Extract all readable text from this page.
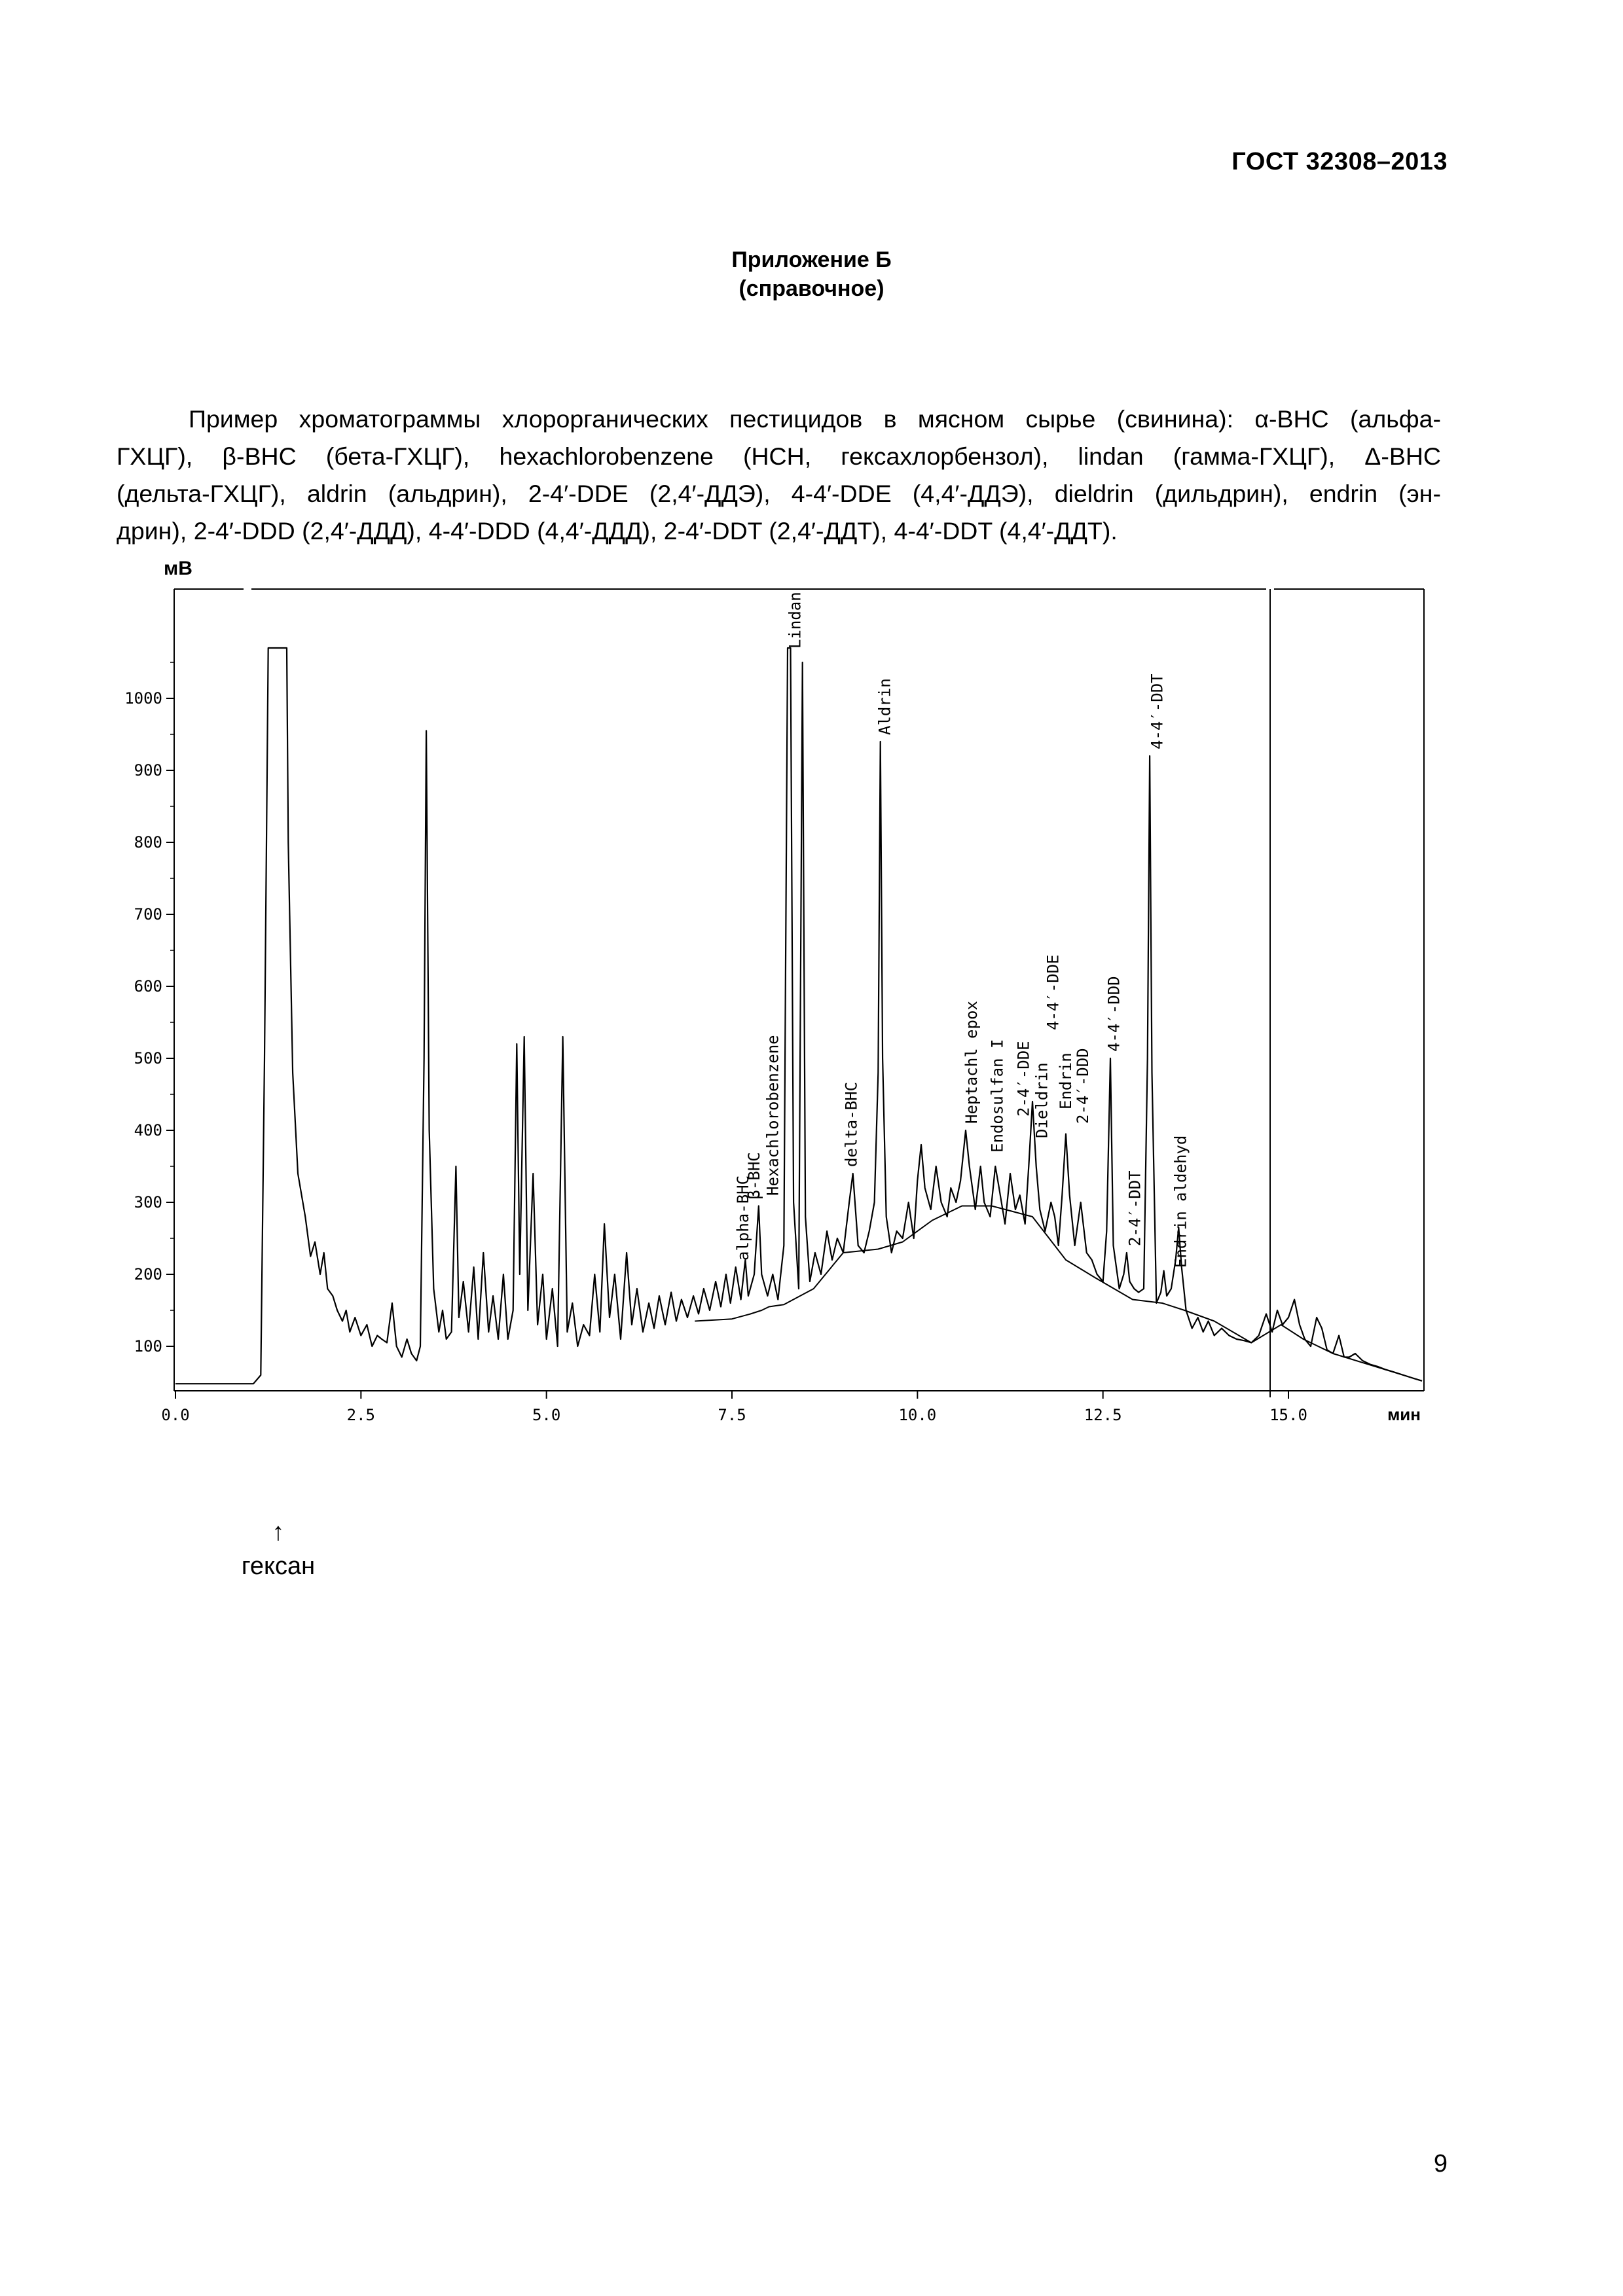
ГОСТ 32308–2013
Приложение Б
(справочное)
Пример хроматограммы хлорорганических пестицидов в мясном сырье (свинина): α-BHC (альфа-
ГХЦГ), β-BHC (бета-ГХЦГ), hexachlorobenzene (НСН, гексахлорбензол), lindan (гамма-ГХЦГ), Δ-BHC
(дельта-ГХЦГ), aldrin (альдрин), 2-4′-DDE (2,4′-ДДЭ), 4-4′-DDE (4,4′-ДДЭ), dieldrin (дильдрин), endrin (эн-
дрин), 2-4′-DDD (2,4′-ДДД), 4-4′-DDD (4,4′-ДДД), 2-4′-DDT (2,4′-ДДТ), 4-4′-DDT (4,4′-ДДТ).
0.0	2.5	5.0	7.5	10.0	12.5	15.0
100
200
300
400
500
600
700
800
900
1000
alpha-BHC
β-BHC Hexachlorobenzene
Lindan
delta-BHC
Aldrin
Heptachl epox Endosulfan I 2-4′-DDE Dieldrin
4-4′-DDE
Endrin
2-4′-DDD
4-4′-DDD
2-4′-DDT
4-4′-DDT
Endrin aldehyd
мВ
мин
↑
гексан
9
